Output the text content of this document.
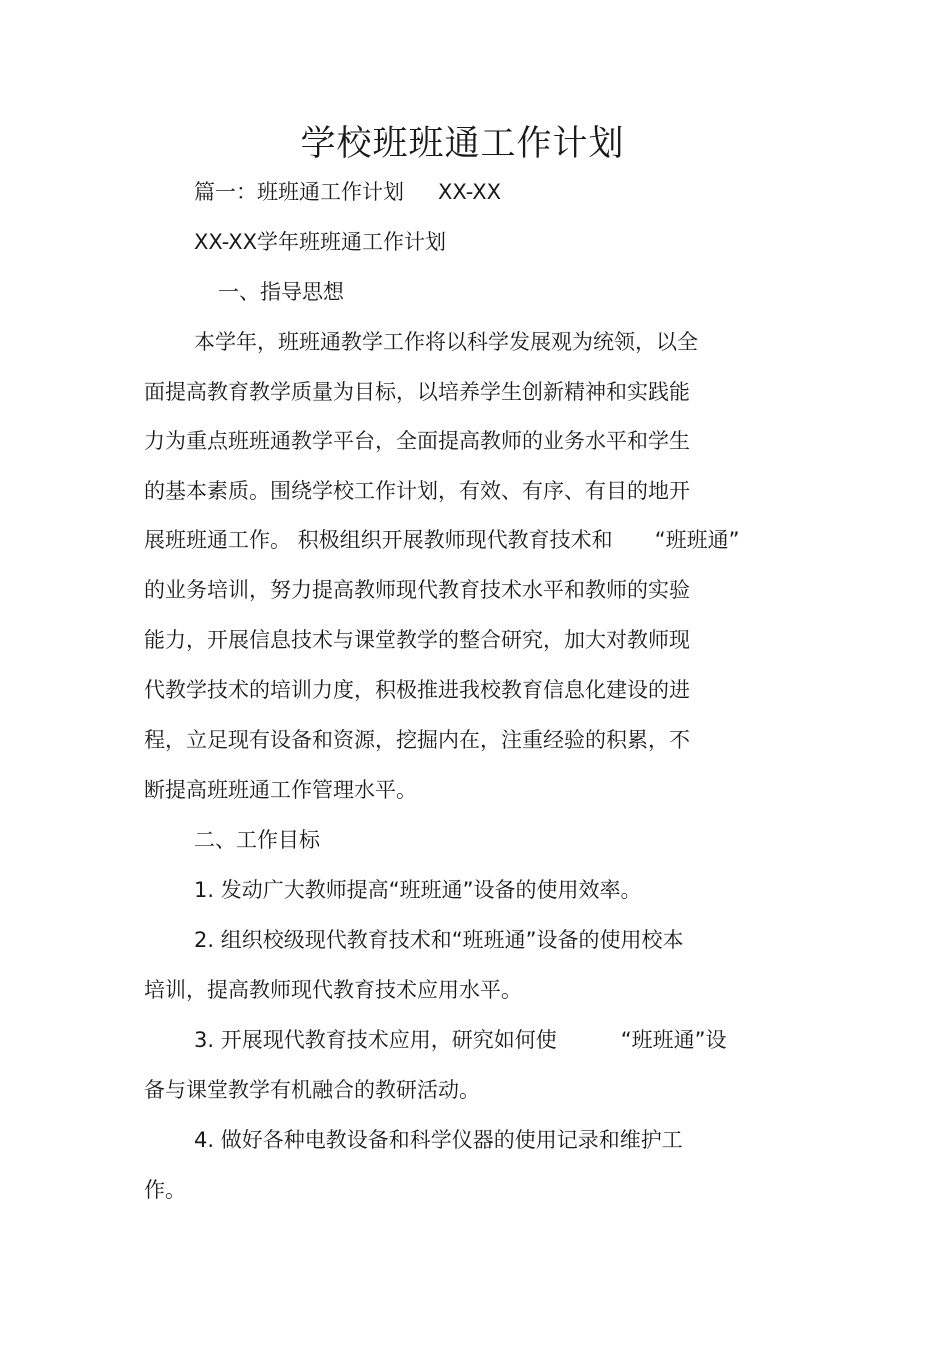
学校班班通工作计划
篇一：班班通工作计划 XX-XX
XX-XX学年班班通工作计划
一、指导思想
本学年，班班通教学工作将以科学发展观为统领，以全
面提高教育教学质量为目标，以培养学生创新精神和实践能
力为重点班班通教学平台，全面提高教师的业务水平和学生
的基本素质。围绕学校工作计划，有效、有序、有目的地开
展班班通工作。 积极组织开展教师现代教育技术和 “班班通”
的业务培训，努力提高教师现代教育技术水平和教师的实验
能力，开展信息技术与课堂教学的整合研究，加大对教师现
代教学技术的培训力度，积极推进我校教育信息化建设的进
程，立足现有设备和资源，挖掘内在，注重经验的积累，不
断提高班班通工作管理水平。
二、工作目标
1. 发动广大教师提高“班班通”设备的使用效率。
2. 组织校级现代教育技术和“班班通”设备的使用校本
培训，提高教师现代教育技术应用水平。
3. 开展现代教育技术应用，研究如何使	“班班通”设
备与课堂教学有机融合的教研活动。
4. 做好各种电教设备和科学仪器的使用记录和维护工
作。
